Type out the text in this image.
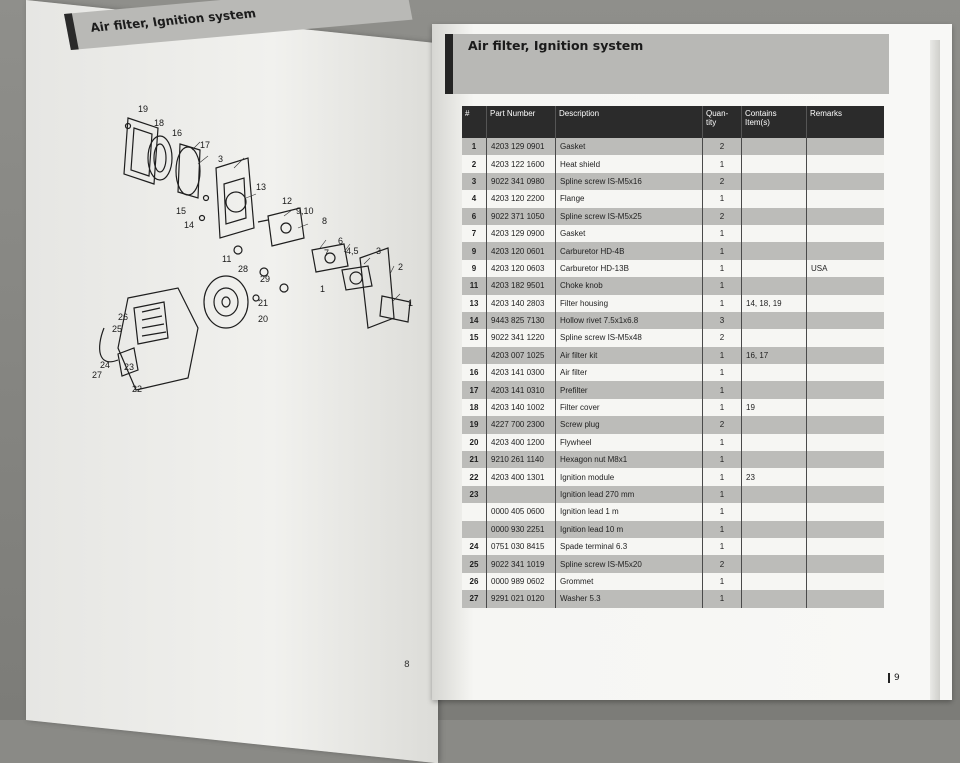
Air filter, Ignition system
19
18
16
17
3
13
15
14
12
9,10
8
11
28
6
4,5
7	3
2
29
1
21
20
1
26
25
27
24
22
23
8
Air filter, Ignition system
#	Part Number	Description	Quan-
tity	Contains
Item(s)	Remarks
1	4203 129 0901	Gasket	2		
2	4203 122 1600	Heat shield	1		
3	9022 341 0980	Spline screw IS-M5x16	2		
4	4203 120 2200	Flange	1		
6	9022 371 1050	Spline screw IS-M5x25	2		
7	4203 129 0900	Gasket	1		
9	4203 120 0601	Carburetor HD-4B	1		
9	4203 120 0603	Carburetor HD-13B	1		USA
11	4203 182 9501	Choke knob	1		
13	4203 140 2803	Filter housing	1	14, 18, 19	
14	9443 825 7130	Hollow rivet 7.5x1x6.8	3		
15	9022 341 1220	Spline screw IS-M5x48	2		
	4203 007 1025	Air filter kit	1	16, 17	
16	4203 141 0300	Air filter	1		
17	4203 141 0310	Prefilter	1		
18	4203 140 1002	Filter cover	1	19	
19	4227 700 2300	Screw plug	2		
20	4203 400 1200	Flywheel	1		
21	9210 261 1140	Hexagon nut M8x1	1		
22	4203 400 1301	Ignition module	1	23	
23		Ignition lead 270 mm	1		
	0000 405 0600	Ignition lead 1 m	1		
	0000 930 2251	Ignition lead 10 m	1		
24	0751 030 8415	Spade terminal 6.3	1		
25	9022 341 1019	Spline screw IS-M5x20	2		
26	0000 989 0602	Grommet	1		
27	9291 021 0120	Washer 5.3	1		
9
